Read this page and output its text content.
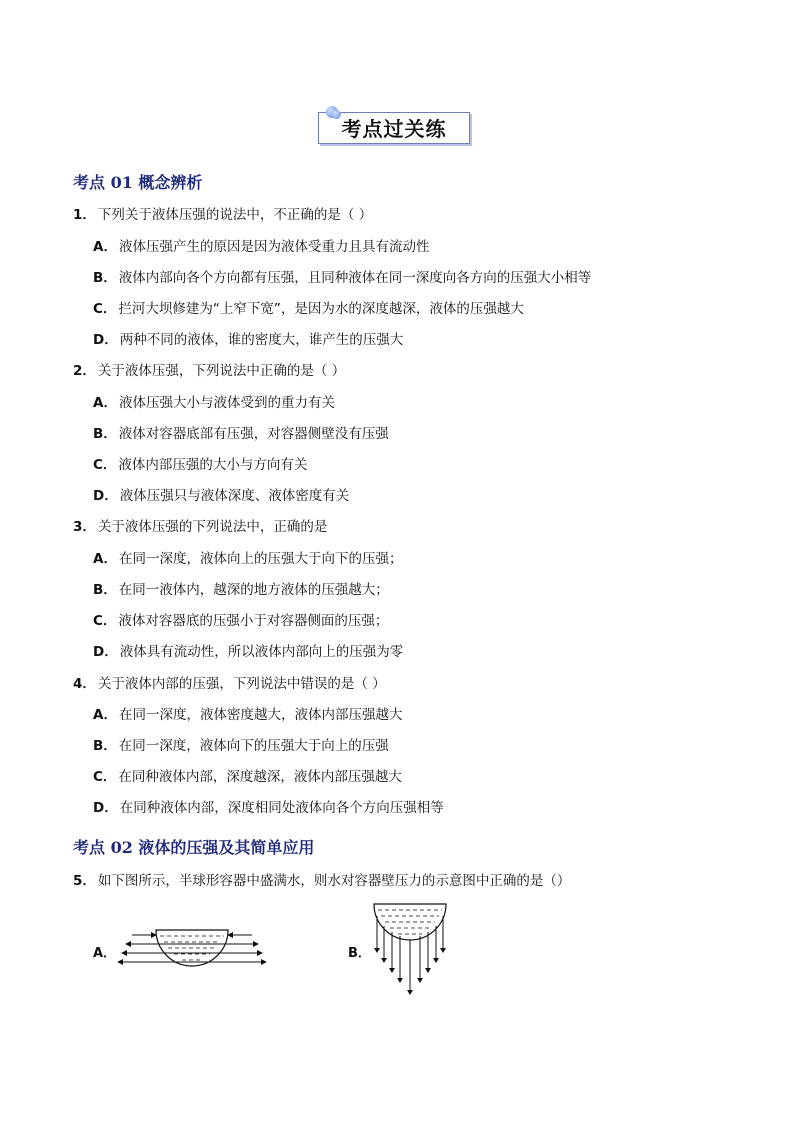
考点过关练
考点 01 概念辨析
1． 下列关于液体压强的说法中，不正确的是（ ）
A． 液体压强产生的原因是因为液体受重力且具有流动性
B． 液体内部向各个方向都有压强，且同种液体在同一深度向各方向的压强大小相等
C． 拦河大坝修建为“上窄下宽”，是因为水的深度越深，液体的压强越大
D． 两种不同的液体，谁的密度大，谁产生的压强大
2． 关于液体压强，下列说法中正确的是（ ）
A． 液体压强大小与液体受到的重力有关
B． 液体对容器底部有压强，对容器侧壁没有压强
C． 液体内部压强的大小与方向有关
D． 液体压强只与液体深度、液体密度有关
3． 关于液体压强的下列说法中，正确的是
A． 在同一深度，液体向上的压强大于向下的压强；
B． 在同一液体内，越深的地方液体的压强越大；
C． 液体对容器底的压强小于对容器侧面的压强；
D． 液体具有流动性，所以液体内部向上的压强为零
4． 关于液体内部的压强，下列说法中错误的是（ ）
A． 在同一深度，液体密度越大，液体内部压强越大
B． 在同一深度，液体向下的压强大于向上的压强
C． 在同种液体内部，深度越深，液体内部压强越大
D． 在同种液体内部，深度相同处液体向各个方向压强相等
考点 02 液体的压强及其简单应用
5． 如下图所示，半球形容器中盛满水，则水对容器壁压力的示意图中正确的是（）
A．	B．
